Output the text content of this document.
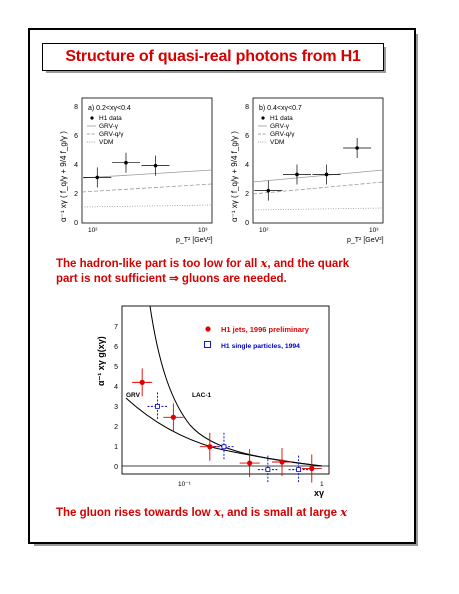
Structure of quasi-real photons from H1
a) 0.2<xγ<0.4
H1 data
GRV-γ
GRV-q/γ
VDM
0
2
4
6
8
10²	10³
p_T² [GeV²]
α⁻¹ xγ ( f_q/γ + 9/4 f_g/γ )
b) 0.4<xγ<0.7
H1 data
GRV-γ
GRV-q/γ
VDM
0
2
4
6
8
10²	10³
p_T² [GeV²]
α⁻¹ xγ ( f_q/γ + 9/4 f_g/γ )
GRV	LAC-1
H1 jets, 1996 preliminary
H1 single particles, 1994
0
1
2
3
4
5
6
7
10⁻¹	1
xγ
α⁻¹ xγ g(xγ)
The hadron-like part is too low for all x, and the quark
part is not sufficient ⇒ gluons are needed.
The gluon rises towards low x, and is small at large x
